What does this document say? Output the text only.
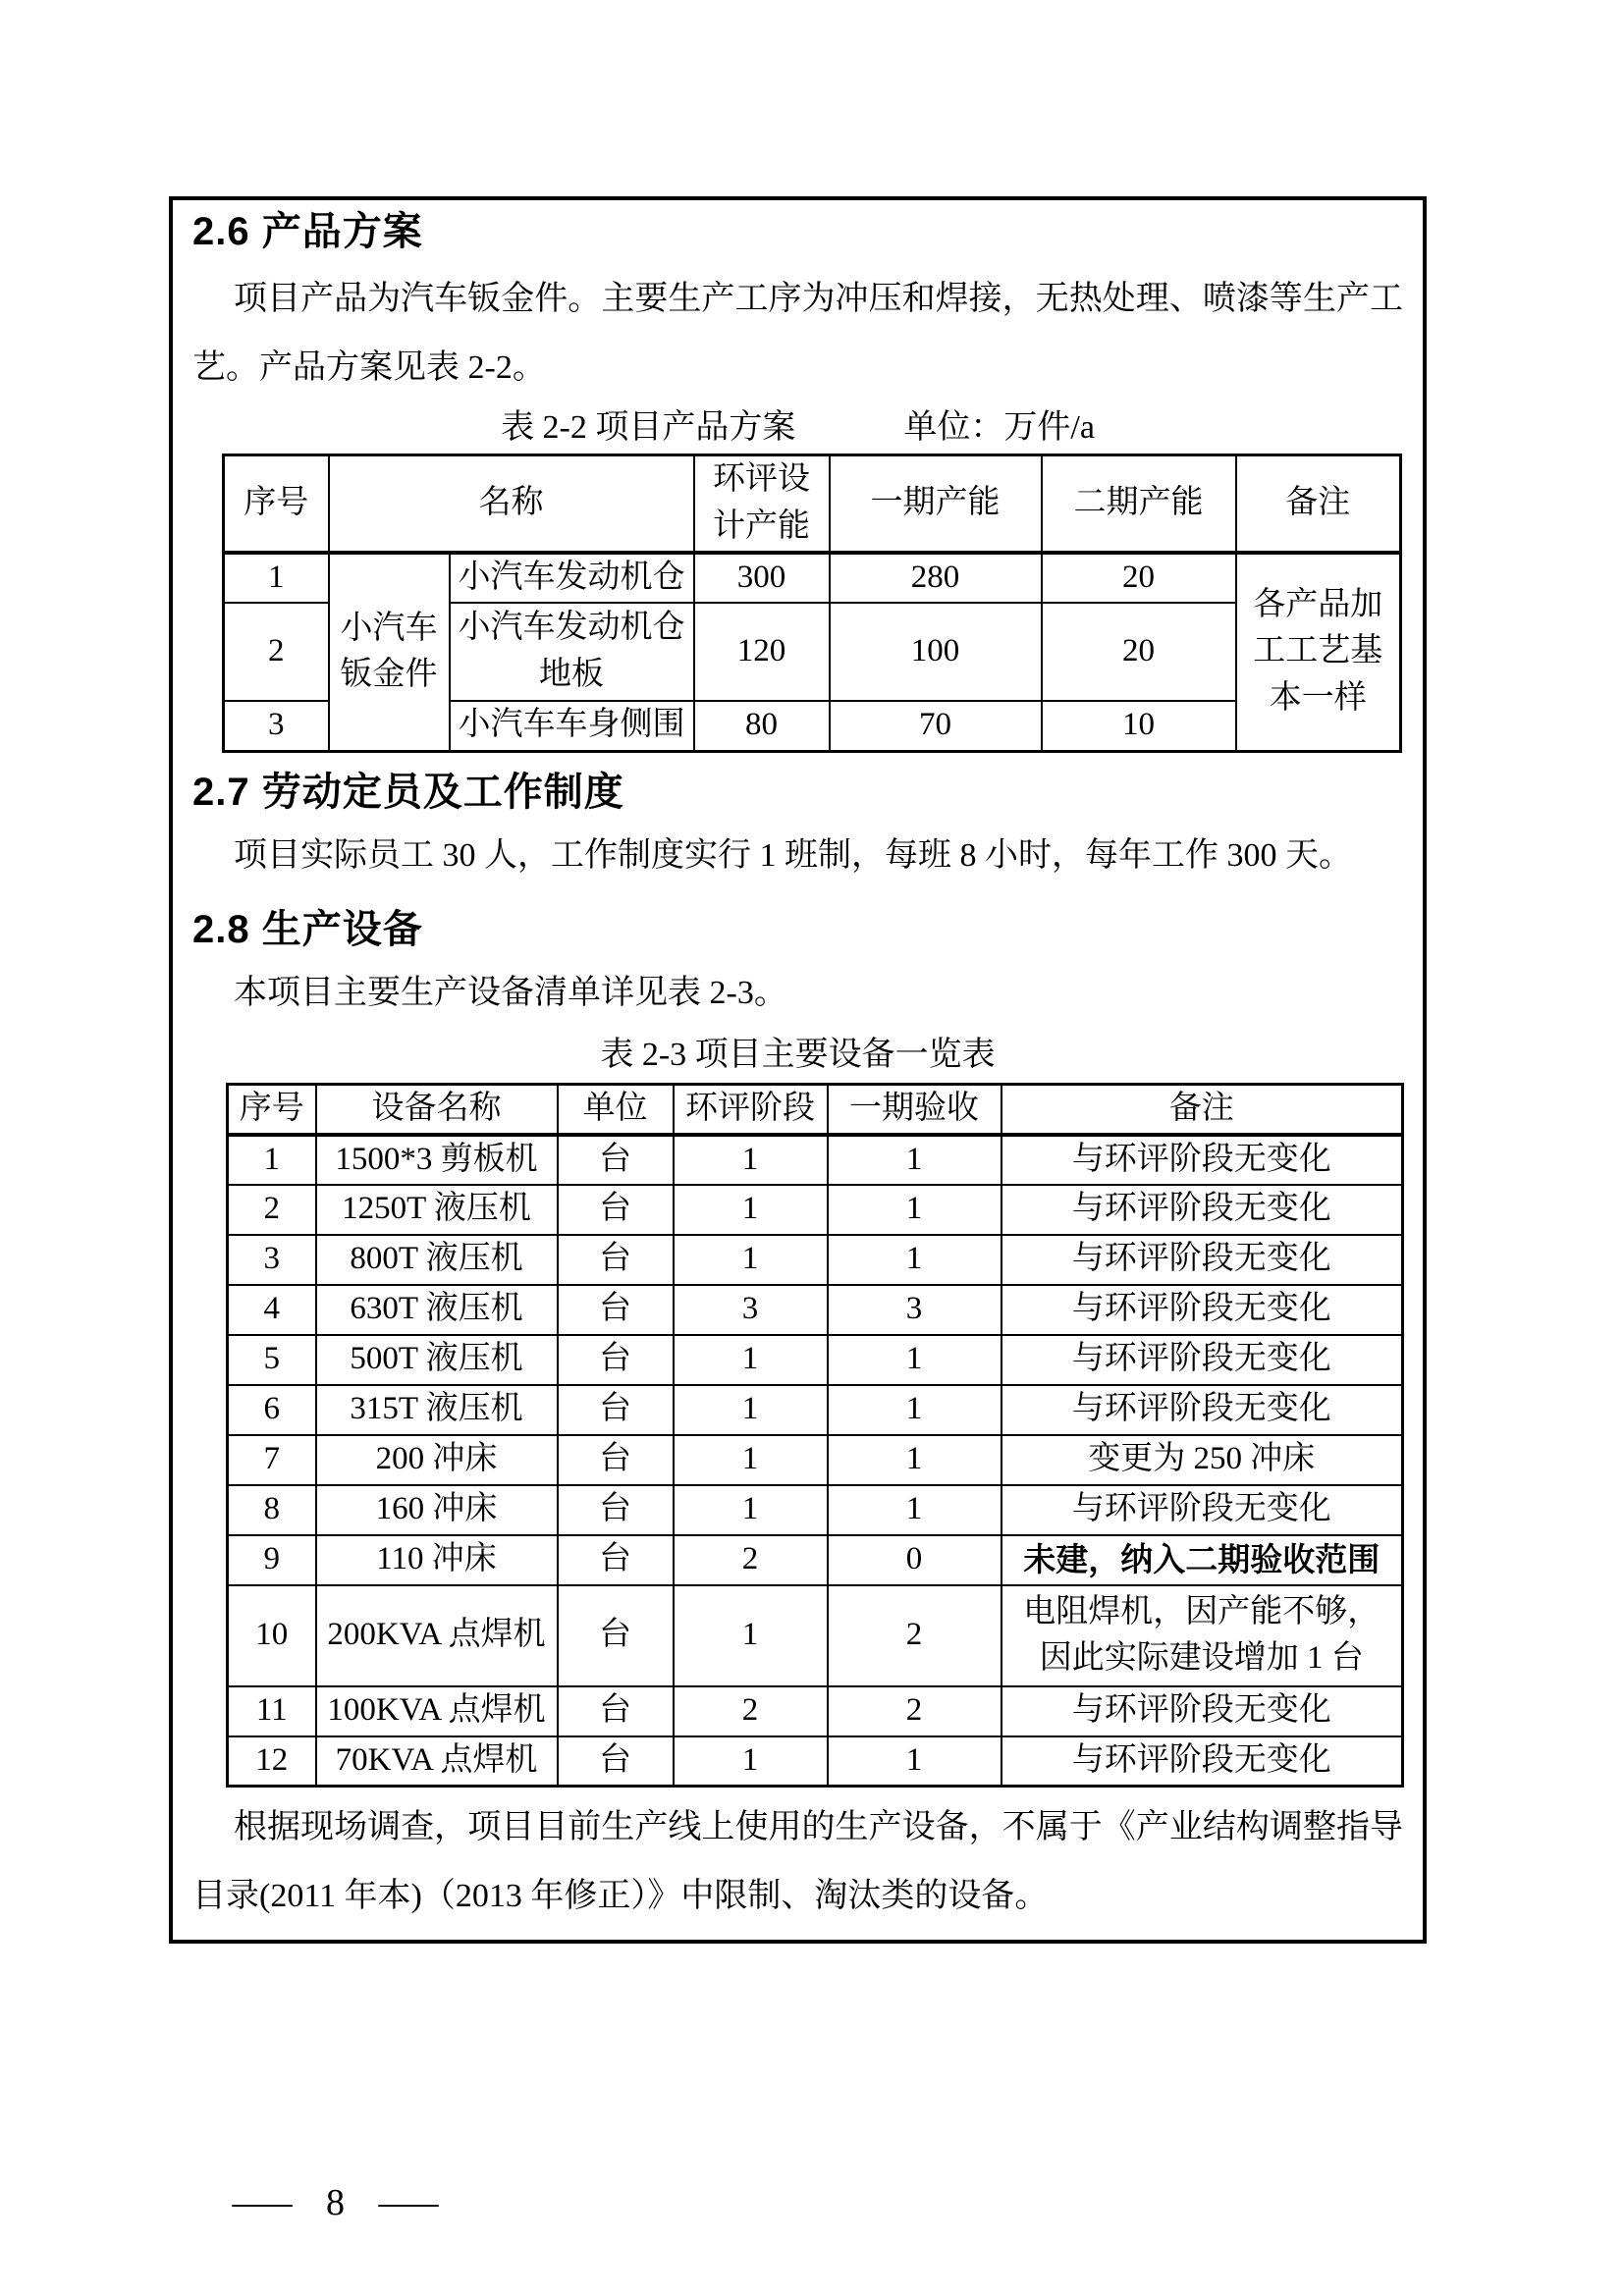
2.6 产品方案

项目产品为汽车钣金件。主要生产工序为冲压和焊接，无热处理、喷漆等生产工艺。产品方案见表 2-2。

表 2-2 项目产品方案	单位：万件/a
序号	名称		环评设计产能	一期产能	二期产能	备注
1	小汽车钣金件	小汽车发动机仓	300	280	20	各产品加工工艺基本一样
2		小汽车发动机仓地板	120	100	20	
3		小汽车车身侧围	80	70	10	
2.7 劳动定员及工作制度

项目实际员工 30 人，工作制度实行 1 班制，每班 8 小时，每年工作 300 天。

2.8 生产设备

本项目主要生产设备清单详见表 2-3。

表 2-3 项目主要设备一览表
序号	设备名称	单位	环评阶段	一期验收	备注
1	1500*3 剪板机	台	1	1	与环评阶段无变化
2	1250T 液压机	台	1	1	与环评阶段无变化
3	800T 液压机	台	1	1	与环评阶段无变化
4	630T 液压机	台	3	3	与环评阶段无变化
5	500T 液压机	台	1	1	与环评阶段无变化
6	315T 液压机	台	1	1	与环评阶段无变化
7	200 冲床	台	1	1	变更为 250 冲床
8	160 冲床	台	1	1	与环评阶段无变化
9	110 冲床	台	2	0	未建，纳入二期验收范围
10	200KVA 点焊机	台	1	2	电阻焊机，因产能不够，因此实际建设增加 1 台
11	100KVA 点焊机	台	2	2	与环评阶段无变化
12	70KVA 点焊机	台	1	1	与环评阶段无变化

根据现场调查，项目目前生产线上使用的生产设备，不属于《产业结构调整指导目录(2011 年本)（2013 年修正）》中限制、淘汰类的设备。

— 8 —
